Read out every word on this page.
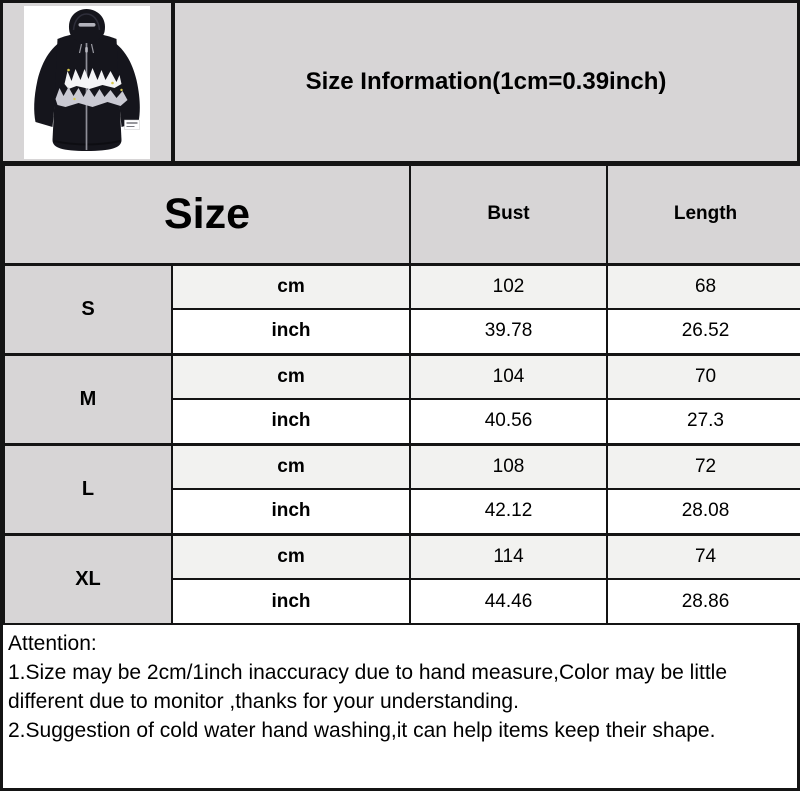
Size Information(1cm=0.39inch)
Size		Bust	Length
S	cm	102	68
	inch	39.78	26.52
M	cm	104	70
	inch	40.56	27.3
L	cm	108	72
	inch	42.12	28.08
XL	cm	114	74
	inch	44.46	28.86
Attention:
1.Size may be 2cm/1inch inaccuracy due to hand measure,Color may be little
different due to monitor ,thanks for your understanding.
2.Suggestion of cold water hand washing,it can help items keep their shape.
